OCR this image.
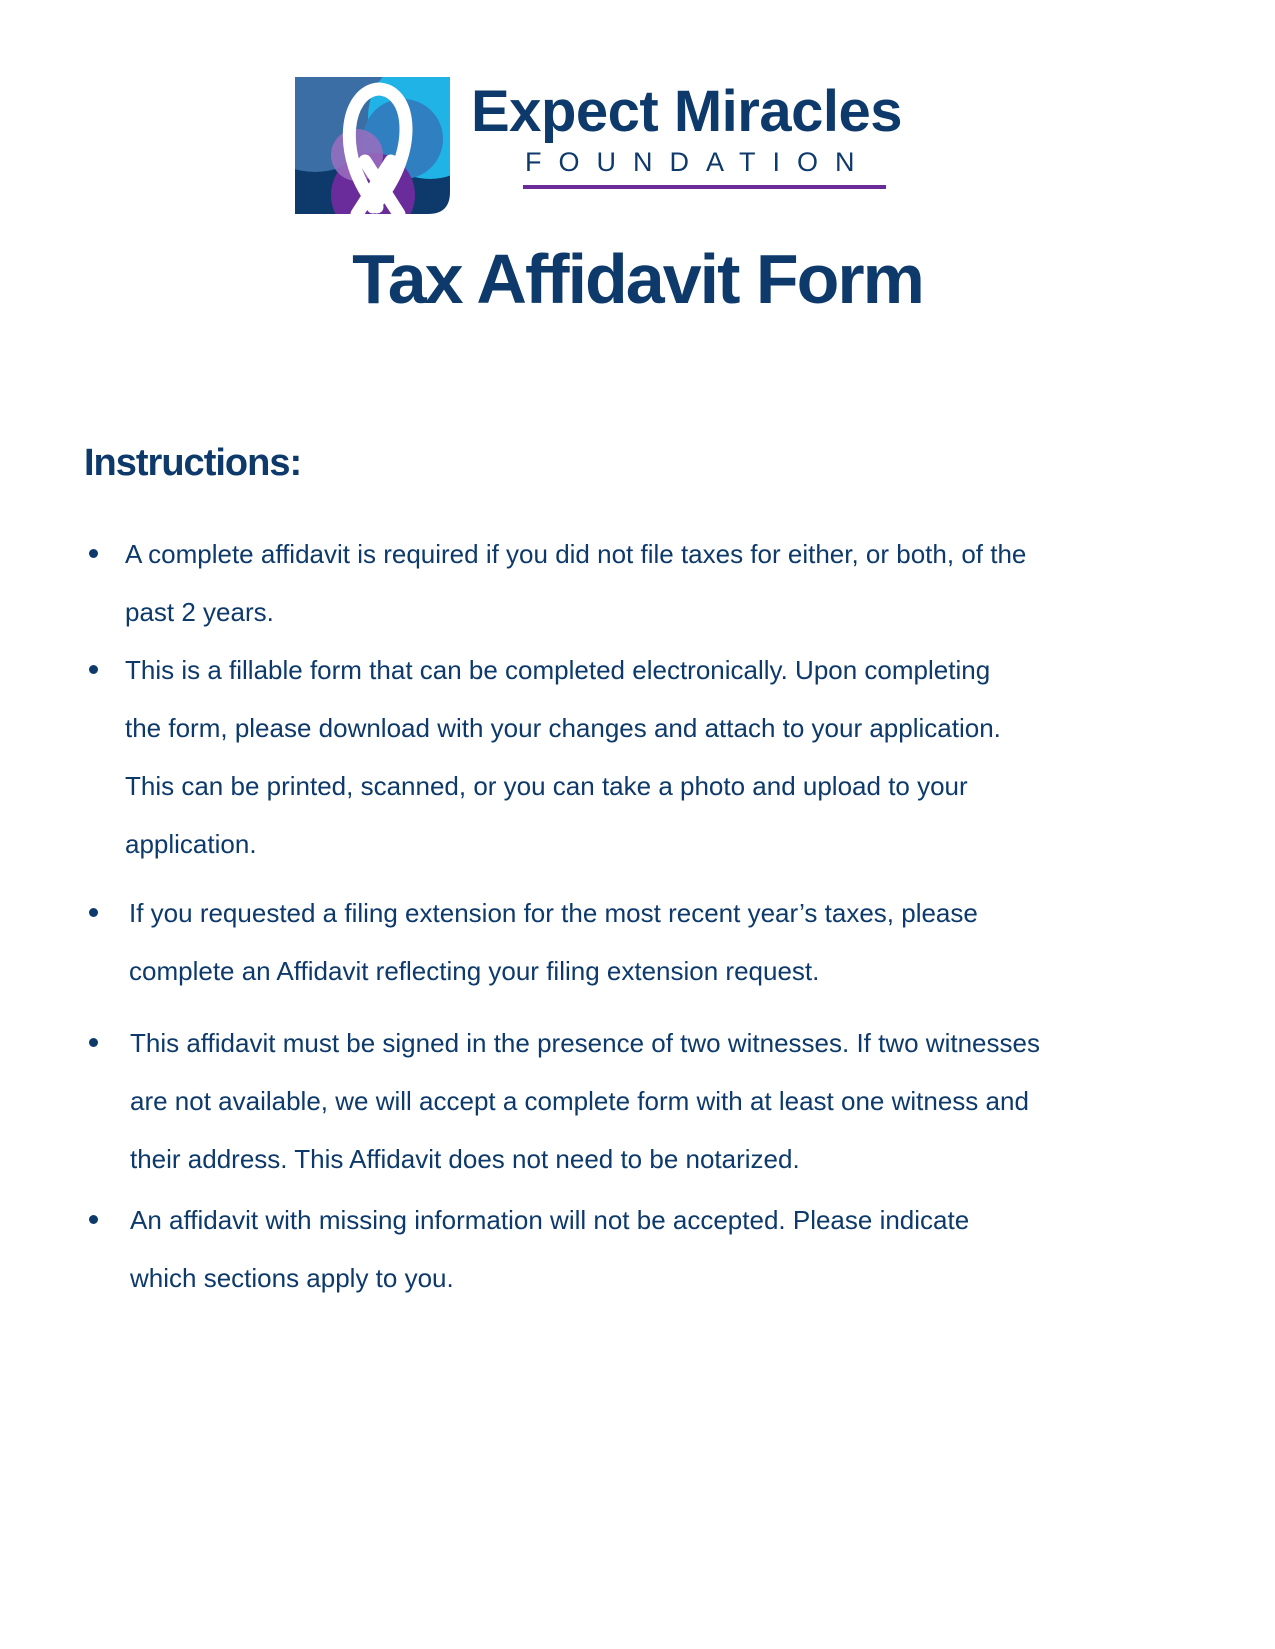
Expect Miracles
FOUNDATION
Tax Affidavit Form
Instructions:
A complete affidavit is required if you did not file taxes for either, or both, of the
past 2 years.
This is a fillable form that can be completed electronically. Upon completing
the form, please download with your changes and attach to your application.
This can be printed, scanned, or you can take a photo and upload to your
application.
If you requested a filing extension for the most recent year’s taxes, please
complete an Affidavit reflecting your filing extension request.
This affidavit must be signed in the presence of two witnesses. If two witnesses
are not available, we will accept a complete form with at least one witness and
their address. This Affidavit does not need to be notarized.
An affidavit with missing information will not be accepted. Please indicate
which sections apply to you.
